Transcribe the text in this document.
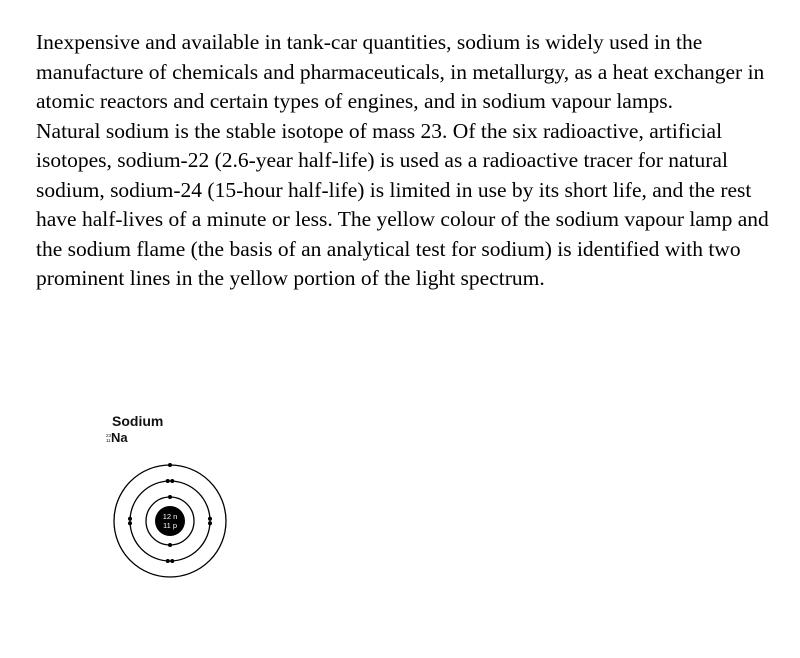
Inexpensive and available in tank-car quantities, sodium is widely used in the manufacture of chemicals and pharmaceuticals, in metallurgy, as a heat exchanger in atomic reactors and certain types of engines, and in sodium vapour lamps.

Natural sodium is the stable isotope of mass 23. Of the six radioactive, artificial isotopes, sodium-22 (2.6-year half-life) is used as a radioactive tracer for natural sodium, sodium-24 (15-hour half-life) is limited in use by its short life, and the rest have half-lives of a minute or less. The yellow colour of the sodium vapour lamp and the sodium flame (the basis of an analytical test for sodium) is identified with two prominent lines in the yellow portion of the light spectrum.

Sodium
23
11 Na
12 n
11 p
